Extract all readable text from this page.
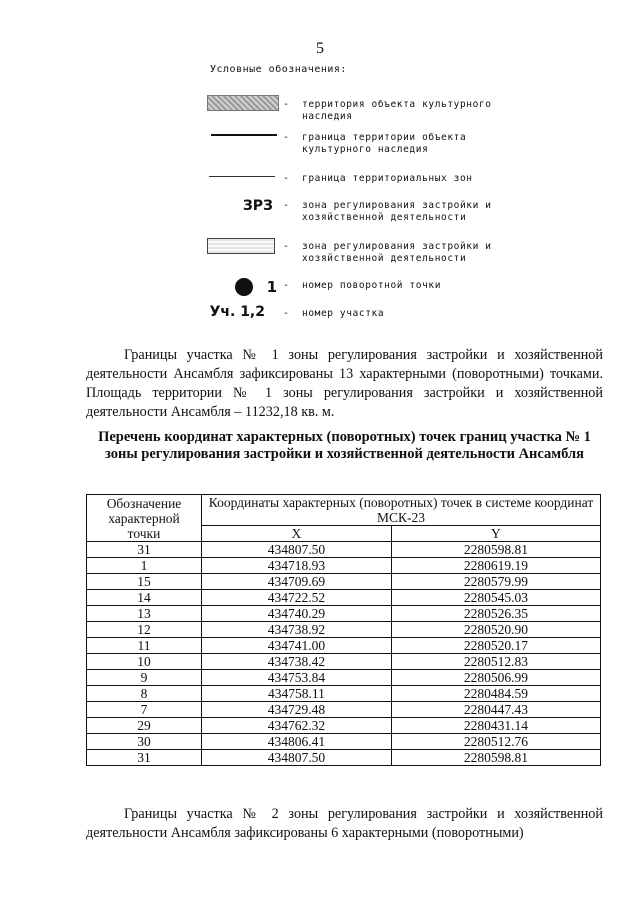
5
Условные обозначения:
- территория объекта культурного наследия
- граница территории объекта культурного наследия
- граница территориальных зон
ЗРЗ - зона регулирования застройки и хозяйственной деятельности
- зона регулирования застройки и хозяйственной деятельности
1 - номер поворотной точки
Уч. 1,2 - номер участка
Границы участка № 1 зоны регулирования застройки и хозяйственной деятельности Ансамбля зафиксированы 13 характерными (поворотными) точками. Площадь территории № 1 зоны регулирования застройки и хозяйственной деятельности Ансамбля – 11232,18 кв. м.
Перечень координат характерных (поворотных) точек границ участка № 1 зоны регулирования застройки и хозяйственной деятельности Ансамбля
Обозначение характерной точки	Координаты характерных (поворотных) точек в системе координат МСК-23	
	X	Y
31	434807.50	2280598.81
1	434718.93	2280619.19
15	434709.69	2280579.99
14	434722.52	2280545.03
13	434740.29	2280526.35
12	434738.92	2280520.90
11	434741.00	2280520.17
10	434738.42	2280512.83
9	434753.84	2280506.99
8	434758.11	2280484.59
7	434729.48	2280447.43
29	434762.32	2280431.14
30	434806.41	2280512.76
31	434807.50	2280598.81
Границы участка № 2 зоны регулирования застройки и хозяйственной деятельности Ансамбля зафиксированы 6 характерными (поворотными)
